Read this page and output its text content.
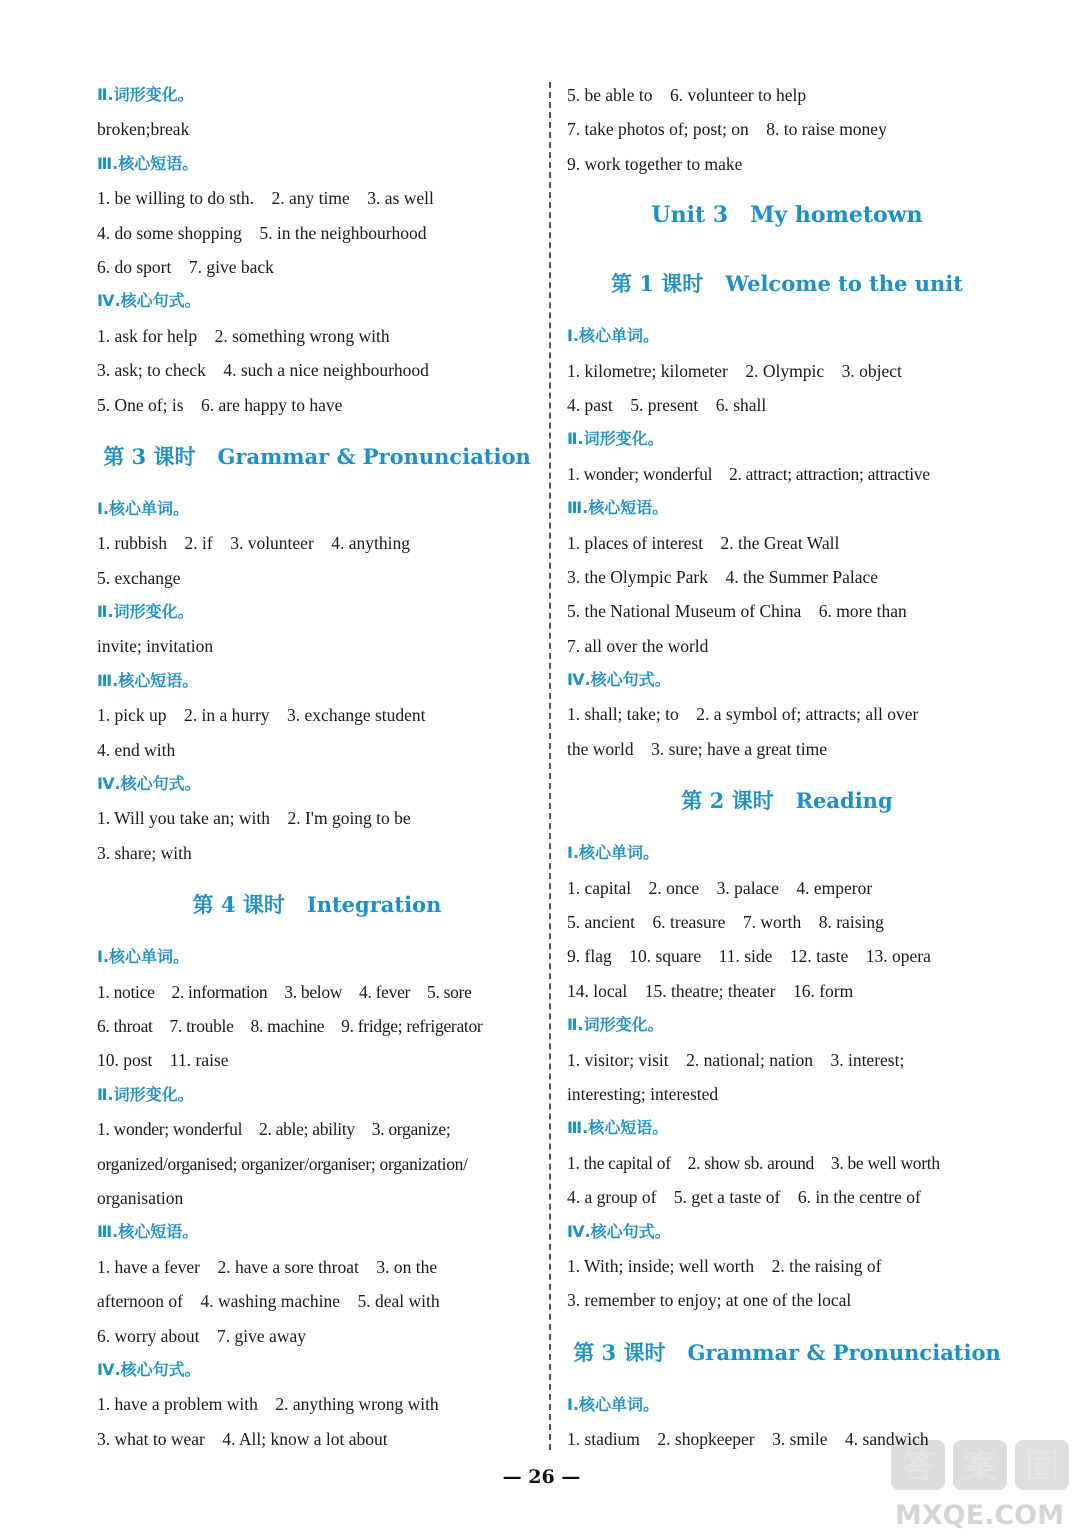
Ⅱ.词形变化。
broken;break
Ⅲ.核心短语。
1. be willing to do sth.  2. any time  3. as well
4. do some shopping  5. in the neighbourhood
6. do sport  7. give back
Ⅳ.核心句式。
1. ask for help  2. something wrong with
3. ask; to check  4. such a nice neighbourhood
5. One of; is  6. are happy to have
第 3 课时 Grammar & Pronunciation
Ⅰ.核心单词。
1. rubbish  2. if  3. volunteer  4. anything
5. exchange
Ⅱ.词形变化。
invite; invitation
Ⅲ.核心短语。
1. pick up  2. in a hurry  3. exchange student
4. end with
Ⅳ.核心句式。
1. Will you take an; with  2. I'm going to be
3. share; with
第 4 课时 Integration
Ⅰ.核心单词。
1. notice  2. information  3. below  4. fever  5. sore
6. throat  7. trouble  8. machine  9. fridge; refrigerator
10. post  11. raise
Ⅱ.词形变化。
1. wonder; wonderful  2. able; ability  3. organize;
organized/organised; organizer/organiser; organization/
organisation
Ⅲ.核心短语。
1. have a fever  2. have a sore throat  3. on the
afternoon of  4. washing machine  5. deal with
6. worry about  7. give away
Ⅳ.核心句式。
1. have a problem with  2. anything wrong with
3. what to wear  4. All; know a lot about
5. be able to  6. volunteer to help
7. take photos of; post; on  8. to raise money
9. work together to make
Unit 3 My hometown
第 1 课时 Welcome to the unit
Ⅰ.核心单词。
1. kilometre; kilometer  2. Olympic  3. object
4. past  5. present  6. shall
Ⅱ.词形变化。
1. wonder; wonderful  2. attract; attraction; attractive
Ⅲ.核心短语。
1. places of interest  2. the Great Wall
3. the Olympic Park  4. the Summer Palace
5. the National Museum of China  6. more than
7. all over the world
Ⅳ.核心句式。
1. shall; take; to  2. a symbol of; attracts; all over
the world  3. sure; have a great time
第 2 课时 Reading
Ⅰ.核心单词。
1. capital  2. once  3. palace  4. emperor
5. ancient  6. treasure  7. worth  8. raising
9. flag  10. square  11. side  12. taste  13. opera
14. local  15. theatre; theater  16. form
Ⅱ.词形变化。
1. visitor; visit  2. national; nation  3. interest;
interesting; interested
Ⅲ.核心短语。
1. the capital of  2. show sb. around  3. be well worth
4. a group of  5. get a taste of  6. in the centre of
Ⅳ.核心句式。
1. With; inside; well worth  2. the raising of
3. remember to enjoy; at one of the local
第 3 课时 Grammar & Pronunciation
Ⅰ.核心单词。
1. stadium  2. shopkeeper  3. smile  4. sandwich
— 26 —	答 案 圈
MXQE.COM
